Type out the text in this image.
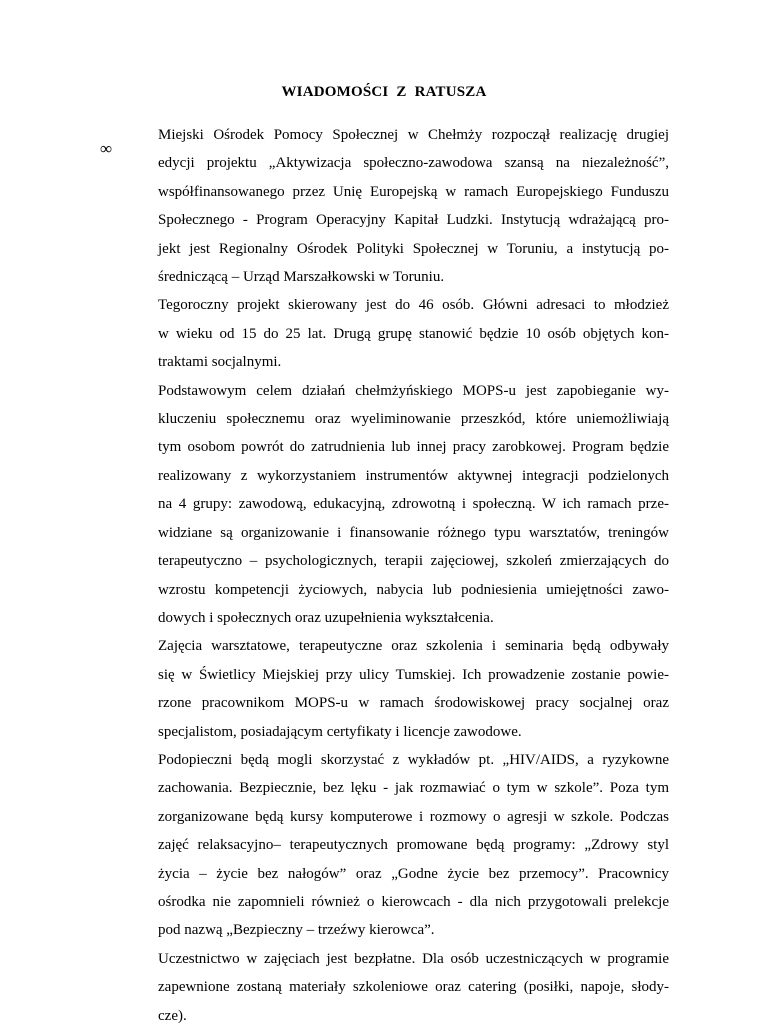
WIADOMOŚCI Z RATUSZA
∞

Miejski Ośrodek Pomocy Społecznej w Chełmży rozpoczął realizację drugiej
edycji projektu „Aktywizacja społeczno-zawodowa szansą na niezależność”,
współfinansowanego przez Unię Europejską w ramach Europejskiego Funduszu
Społecznego - Program Operacyjny Kapitał Ludzki. Instytucją wdrażającą pro-
jekt jest Regionalny Ośrodek Polityki Społecznej w Toruniu, a instytucją po-
średniczącą – Urząd Marszałkowski w Toruniu.

Tegoroczny projekt skierowany jest do 46 osób. Główni adresaci to młodzież
w wieku od 15 do 25 lat. Drugą grupę stanowić będzie 10 osób objętych kon-
traktami socjalnymi.

Podstawowym celem działań chełmżyńskiego MOPS-u jest zapobieganie wy-
kluczeniu społecznemu oraz wyeliminowanie przeszkód, które uniemożliwiają
tym osobom powrót do zatrudnienia lub innej pracy zarobkowej. Program będzie
realizowany z wykorzystaniem instrumentów aktywnej integracji podzielonych
na 4 grupy: zawodową, edukacyjną, zdrowotną i społeczną. W ich ramach prze-
widziane są organizowanie i finansowanie różnego typu warsztatów, treningów
terapeutyczno – psychologicznych, terapii zajęciowej, szkoleń zmierzających do
wzrostu kompetencji życiowych, nabycia lub podniesienia umiejętności zawo-
dowych i społecznych oraz uzupełnienia wykształcenia.

Zajęcia warsztatowe, terapeutyczne oraz szkolenia i seminaria będą odbywały
się w Świetlicy Miejskiej przy ulicy Tumskiej. Ich prowadzenie zostanie powie-
rzone pracownikom MOPS-u w ramach środowiskowej pracy socjalnej oraz
specjalistom, posiadającym certyfikaty i licencje zawodowe.

Podopieczni będą mogli skorzystać z wykładów pt. „HIV/AIDS, a ryzykowne
zachowania. Bezpiecznie, bez lęku - jak rozmawiać o tym w szkole”. Poza tym
zorganizowane będą kursy komputerowe i rozmowy o agresji w szkole. Podczas
zajęć relaksacyjno– terapeutycznych promowane będą programy: „Zdrowy styl
życia – życie bez nałogów” oraz „Godne życie bez przemocy”. Pracownicy
ośrodka nie zapomnieli również o kierowcach - dla nich przygotowali prelekcje
pod nazwą „Bezpieczny – trzeźwy kierowca”.

Uczestnictwo w zajęciach jest bezpłatne. Dla osób uczestniczących w programie
zapewnione zostaną materiały szkoleniowe oraz catering (posiłki, napoje, słody-
cze).
